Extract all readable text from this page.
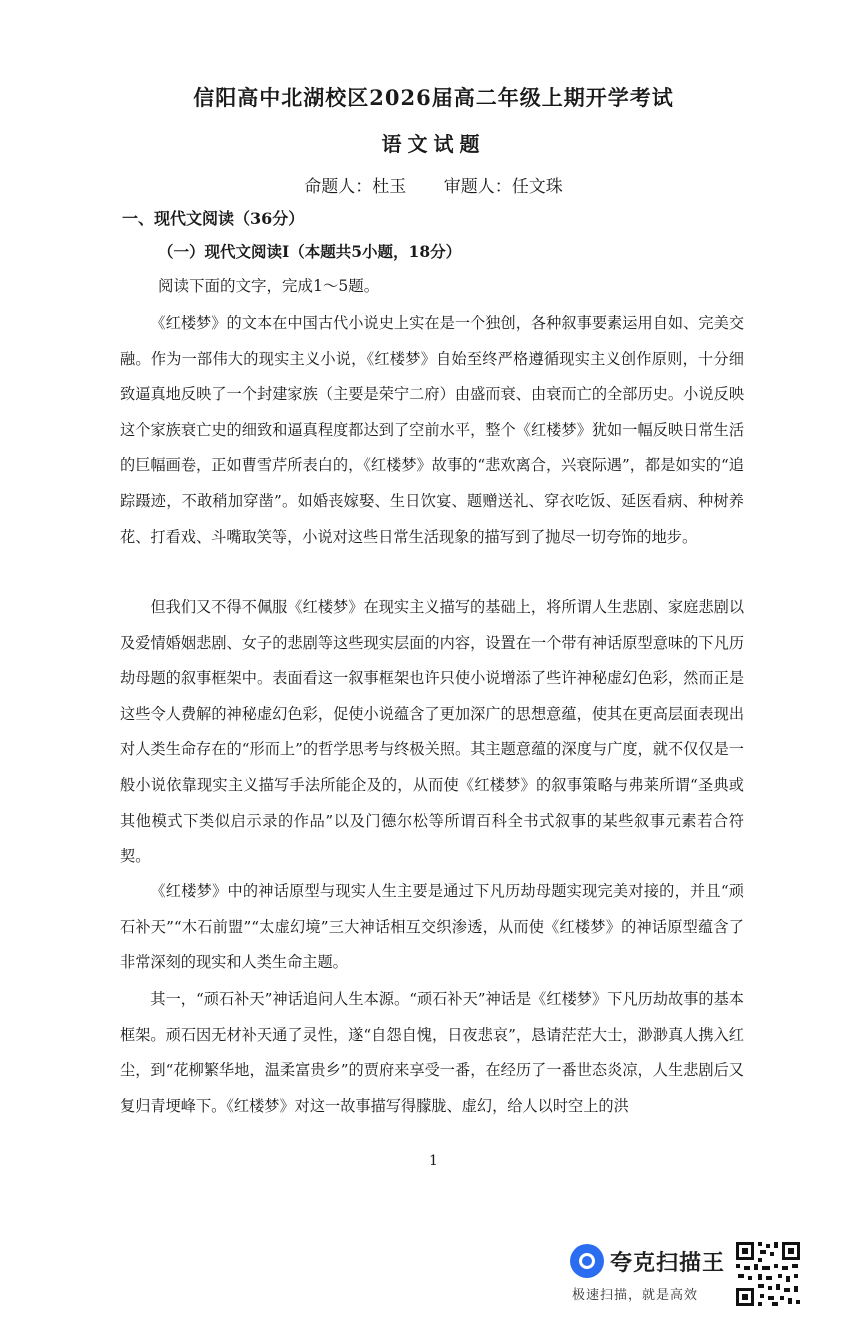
信阳高中北湖校区2026届高二年级上期开学考试
语文试题
命题人：杜玉 审题人：任文珠
一、现代文阅读（36分）
（一）现代文阅读Ⅰ（本题共5小题，18分）
阅读下面的文字，完成1～5题。

《红楼梦》的文本在中国古代小说史上实在是一个独创，各种叙事要素运用自如、完美交融。作为一部伟大的现实主义小说，《红楼梦》自始至终严格遵循现实主义创作原则，十分细致逼真地反映了一个封建家族（主要是荣宁二府）由盛而衰、由衰而亡的全部历史。小说反映这个家族衰亡史的细致和逼真程度都达到了空前水平，整个《红楼梦》犹如一幅反映日常生活的巨幅画卷，正如曹雪芹所表白的，《红楼梦》故事的“悲欢离合，兴衰际遇”，都是如实的“追踪蹑迹，不敢稍加穿凿”。如婚丧嫁娶、生日饮宴、题赠送礼、穿衣吃饭、延医看病、种树养花、打看戏、斗嘴取笑等，小说对这些日常生活现象的描写到了抛尽一切夸饰的地步。

但我们又不得不佩服《红楼梦》在现实主义描写的基础上，将所谓人生悲剧、家庭悲剧以及爱情婚姻悲剧、女子的悲剧等这些现实层面的内容，设置在一个带有神话原型意味的下凡历劫母题的叙事框架中。表面看这一叙事框架也许只使小说增添了些许神秘虚幻色彩，然而正是这些令人费解的神秘虚幻色彩，促使小说蕴含了更加深广的思想意蕴，使其在更高层面表现出对人类生命存在的“形而上”的哲学思考与终极关照。其主题意蕴的深度与广度，就不仅仅是一般小说依靠现实主义描写手法所能企及的，从而使《红楼梦》的叙事策略与弗莱所谓“圣典或其他模式下类似启示录的作品”以及门德尔松等所谓百科全书式叙事的某些叙事元素若合符契。

《红楼梦》中的神话原型与现实人生主要是通过下凡历劫母题实现完美对接的，并且“顽石补天”“木石前盟”“太虚幻境”三大神话相互交织渗透，从而使《红楼梦》的神话原型蕴含了非常深刻的现实和人类生命主题。

其一，“顽石补天”神话追问人生本源。“顽石补天”神话是《红楼梦》下凡历劫故事的基本框架。顽石因无材补天通了灵性，遂“自怨自愧，日夜悲哀”，恳请茫茫大士，渺渺真人携入红尘，到“花柳繁华地，温柔富贵乡”的贾府来享受一番，在经历了一番世态炎凉，人生悲剧后又复归青埂峰下。《红楼梦》对这一故事描写得朦胧、虚幻，给人以时空上的洪

1
夸克扫描王
极速扫描，就是高效
